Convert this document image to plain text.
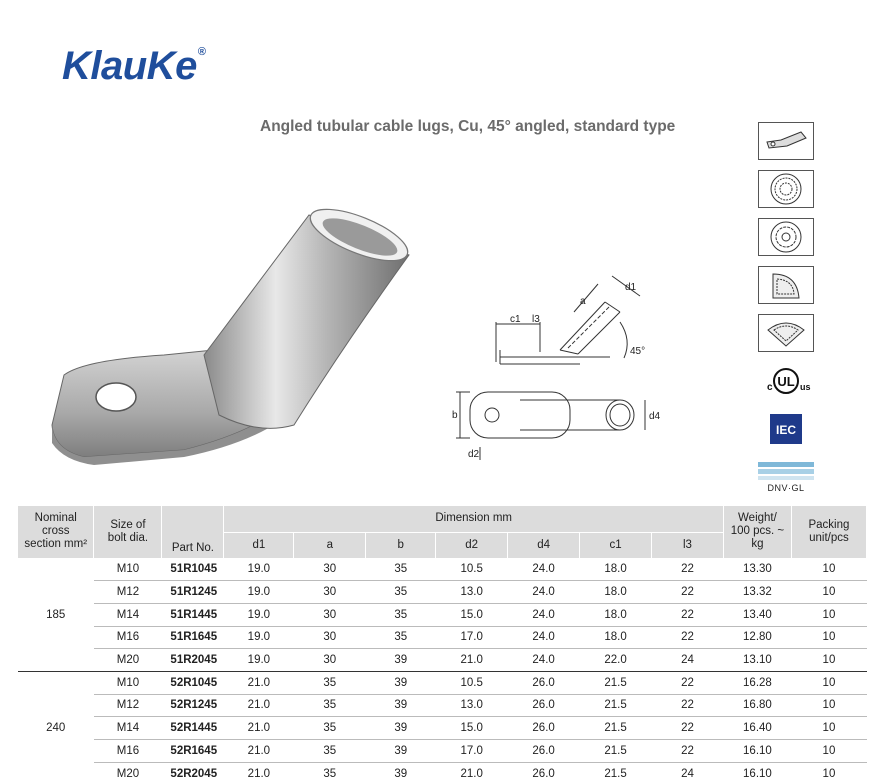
KlauKe®
Angled tubular cable lugs, Cu, 45° angled, standard type
d1
a
c1 l3
45°
b
d2
d4
UL
c	us
IEC
DNV·GL
Nominal cross section mm²	Size of bolt dia.	Part No.	Dimension mm							Weight/ 100 pcs. ~ kg	Packing unit/pcs
			d1	a	b	d2	d4	c1	l3		
185	M10	51R1045	19.0	30	35	10.5	24.0	18.0	22	13.30	10
	M12	51R1245	19.0	30	35	13.0	24.0	18.0	22	13.32	10
	M14	51R1445	19.0	30	35	15.0	24.0	18.0	22	13.40	10
	M16	51R1645	19.0	30	35	17.0	24.0	18.0	22	12.80	10
	M20	51R2045	19.0	30	39	21.0	24.0	22.0	24	13.10	10
240	M10	52R1045	21.0	35	39	10.5	26.0	21.5	22	16.28	10
	M12	52R1245	21.0	35	39	13.0	26.0	21.5	22	16.80	10
	M14	52R1445	21.0	35	39	15.0	26.0	21.5	22	16.40	10
	M16	52R1645	21.0	35	39	17.0	26.0	21.5	22	16.10	10
	M20	52R2045	21.0	35	39	21.0	26.0	21.5	24	16.10	10
